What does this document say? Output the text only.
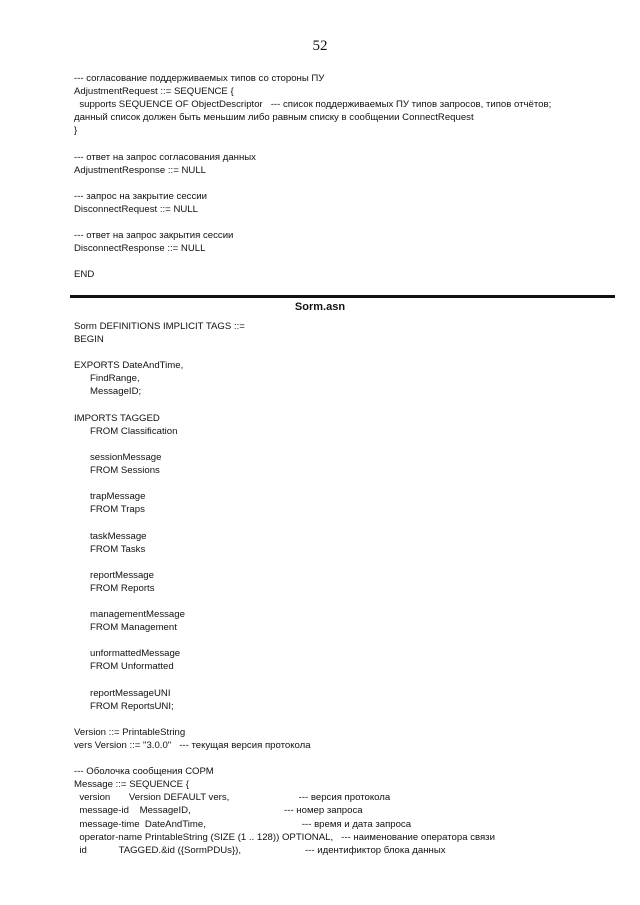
52
--- согласование поддерживаемых типов со стороны ПУ
AdjustmentRequest ::= SEQUENCE {
supports SEQUENCE OF ObjectDescriptor   --- список поддерживаемых ПУ типов запросов, типов отчётов;
данный список должен быть меньшим либо равным списку в сообщении ConnectRequest
}
--- ответ на запрос согласования данных
AdjustmentResponse ::= NULL
--- запрос на закрытие сессии
DisconnectRequest ::= NULL
--- ответ на запрос закрытия сессии
DisconnectResponse ::= NULL
END
Sorm.asn
Sorm DEFINITIONS IMPLICIT TAGS ::=
BEGIN
EXPORTS DateAndTime,
FindRange,
MessageID;
IMPORTS TAGGED
FROM Classification
sessionMessage
FROM Sessions
trapMessage
FROM Traps
taskMessage
FROM Tasks
reportMessage
FROM Reports
managementMessage
FROM Management
unformattedMessage
FROM Unformatted
reportMessageUNI
FROM ReportsUNI;
Version ::= PrintableString
vers Version ::= "3.0.0"   --- текущая версия протокола
--- Оболочка сообщения СОРМ
Message ::= SEQUENCE {
version       Version DEFAULT vers,                          --- версия протокола
message-id    MessageID,                                   --- номер запроса
message-time  DateAndTime,                                    --- время и дата запроса
operator-name PrintableString (SIZE (1 .. 128)) OPTIONAL,   --- наименование оператора связи
id            TAGGED.&id ({SormPDUs}),                        --- идентификтор блока данных
